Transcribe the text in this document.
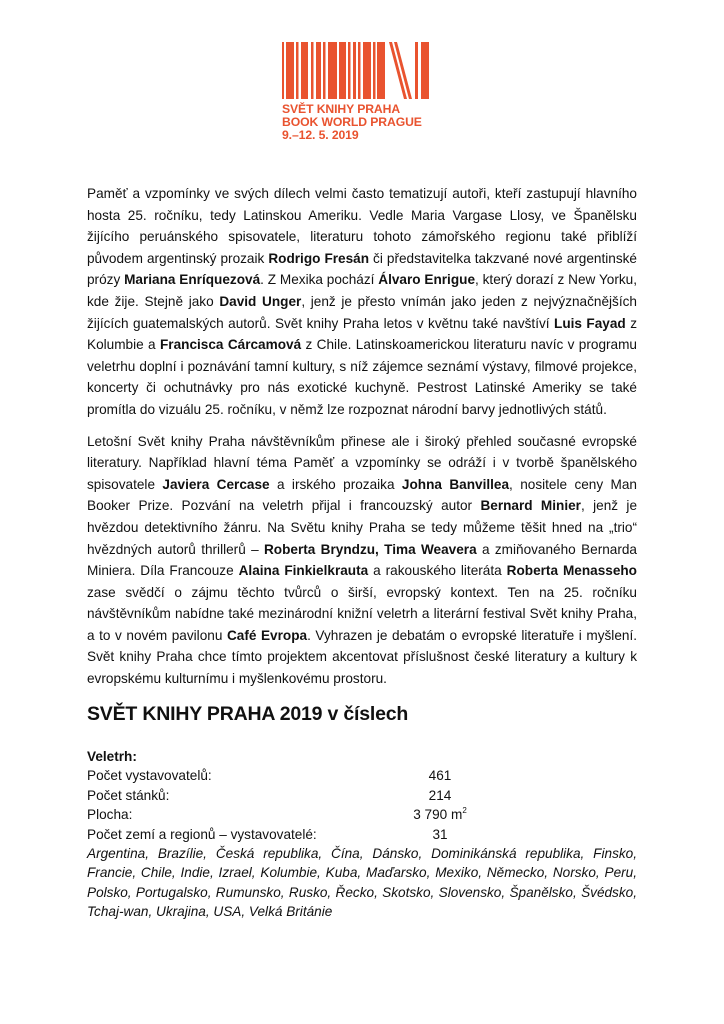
SVĚT KNIHY PRAHA
BOOK WORLD PRAGUE
9.–12. 5. 2019

Paměť a vzpomínky ve svých dílech velmi často tematizují autoři, kteří zastupují hlavního hosta 25. ročníku, tedy Latinskou Ameriku. Vedle Maria Vargase Llosy, ve Španělsku žijícího peruánského spisovatele, literaturu tohoto zámořského regionu také přiblíží původem argentinský prozaik Rodrigo Fresán či představitelka takzvané nové argentinské prózy Mariana Enríquezová. Z Mexika pochází Álvaro Enrigue, který dorazí z New Yorku, kde žije. Stejně jako David Unger, jenž je přesto vnímán jako jeden z nejvýznačnějších žijících guatemalských autorů. Svět knihy Praha letos v květnu také navštíví Luis Fayad z Kolumbie a Francisca Cárcamová z Chile. Latinskoamerickou literaturu navíc v programu veletrhu doplní i poznávání tamní kultury, s níž zájemce seznámí výstavy, filmové projekce, koncerty či ochutnávky pro nás exotické kuchyně. Pestrost Latinské Ameriky se také promítla do vizuálu 25. ročníku, v němž lze rozpoznat národní barvy jednotlivých států.

Letošní Svět knihy Praha návštěvníkům přinese ale i široký přehled současné evropské literatury. Například hlavní téma Paměť a vzpomínky se odráží i v tvorbě španělského spisovatele Javiera Cercase a irského prozaika Johna Banvillea, nositele ceny Man Booker Prize. Pozvání na veletrh přijal i francouzský autor Bernard Minier, jenž je hvězdou detektivního žánru. Na Světu knihy Praha se tedy můžeme těšit hned na „trio“ hvězdných autorů thrillerů – Roberta Bryndzu, Tima Weavera a zmiňovaného Bernarda Miniera. Díla Francouze Alaina Finkielkrauta a rakouského literáta Roberta Menasseho zase svědčí o zájmu těchto tvůrců o širší, evropský kontext. Ten na 25. ročníku návštěvníkům nabídne také mezinárodní knižní veletrh a literární festival Svět knihy Praha, a to v novém pavilonu Café Evropa. Vyhrazen je debatám o evropské literatuře i myšlení. Svět knihy Praha chce tímto projektem akcentovat příslušnost české literatury a kultury k evropskému kulturnímu i myšlenkovému prostoru.

SVĚT KNIHY PRAHA 2019 v číslech
Veletrh:
Počet vystavovatelů:	461
Počet stánků:	214
Plocha:	3 790 $m^2$
Počet zemí a regionů – vystavovatelé:	31
Argentina, Brazílie, Česká republika, Čína, Dánsko, Dominikánská republika, Finsko, Francie, Chile, Indie, Izrael, Kolumbie, Kuba, Maďarsko, Mexiko, Německo, Norsko, Peru, Polsko, Portugalsko, Rumunsko, Rusko, Řecko, Skotsko, Slovensko, Španělsko, Švédsko, Tchaj-wan, Ukrajina, USA, Velká Británie
